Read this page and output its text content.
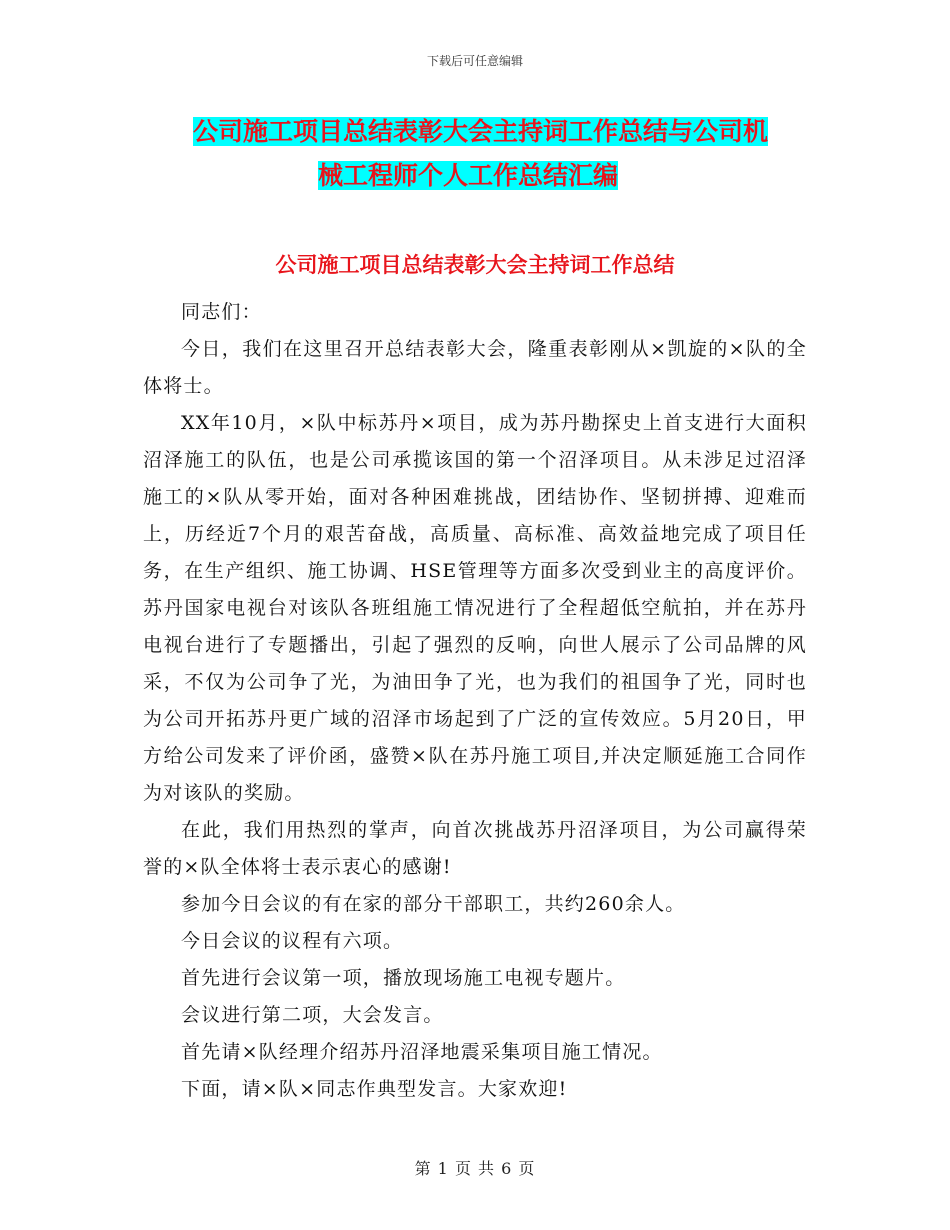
下载后可任意编辑
公司施工项目总结表彰大会主持词工作总结与公司机
械工程师个人工作总结汇编
公司施工项目总结表彰大会主持词工作总结

同志们：

今日，我们在这里召开总结表彰大会，隆重表彰刚从×凯旋的×队的全体将士。

XX年10月，×队中标苏丹×项目，成为苏丹勘探史上首支进行大面积沼泽施工的队伍，也是公司承揽该国的第一个沼泽项目。从未涉足过沼泽施工的×队从零开始，面对各种困难挑战，团结协作、坚韧拼搏、迎难而上，历经近7个月的艰苦奋战，高质量、高标准、高效益地完成了项目任务，在生产组织、施工协调、HSE管理等方面多次受到业主的高度评价。苏丹国家电视台对该队各班组施工情况进行了全程超低空航拍，并在苏丹电视台进行了专题播出，引起了强烈的反响，向世人展示了公司品牌的风采，不仅为公司争了光，为油田争了光，也为我们的祖国争了光，同时也为公司开拓苏丹更广域的沼泽市场起到了广泛的宣传效应。5月20日，甲方给公司发来了评价函，盛赞×队在苏丹施工项目,并决定顺延施工合同作为对该队的奖励。

在此，我们用热烈的掌声，向首次挑战苏丹沼泽项目，为公司赢得荣誉的×队全体将士表示衷心的感谢!

参加今日会议的有在家的部分干部职工，共约260余人。

今日会议的议程有六项。

首先进行会议第一项，播放现场施工电视专题片。

会议进行第二项，大会发言。

首先请×队经理介绍苏丹沼泽地震采集项目施工情况。

下面，请×队×同志作典型发言。大家欢迎!

第 1 页 共 6 页
